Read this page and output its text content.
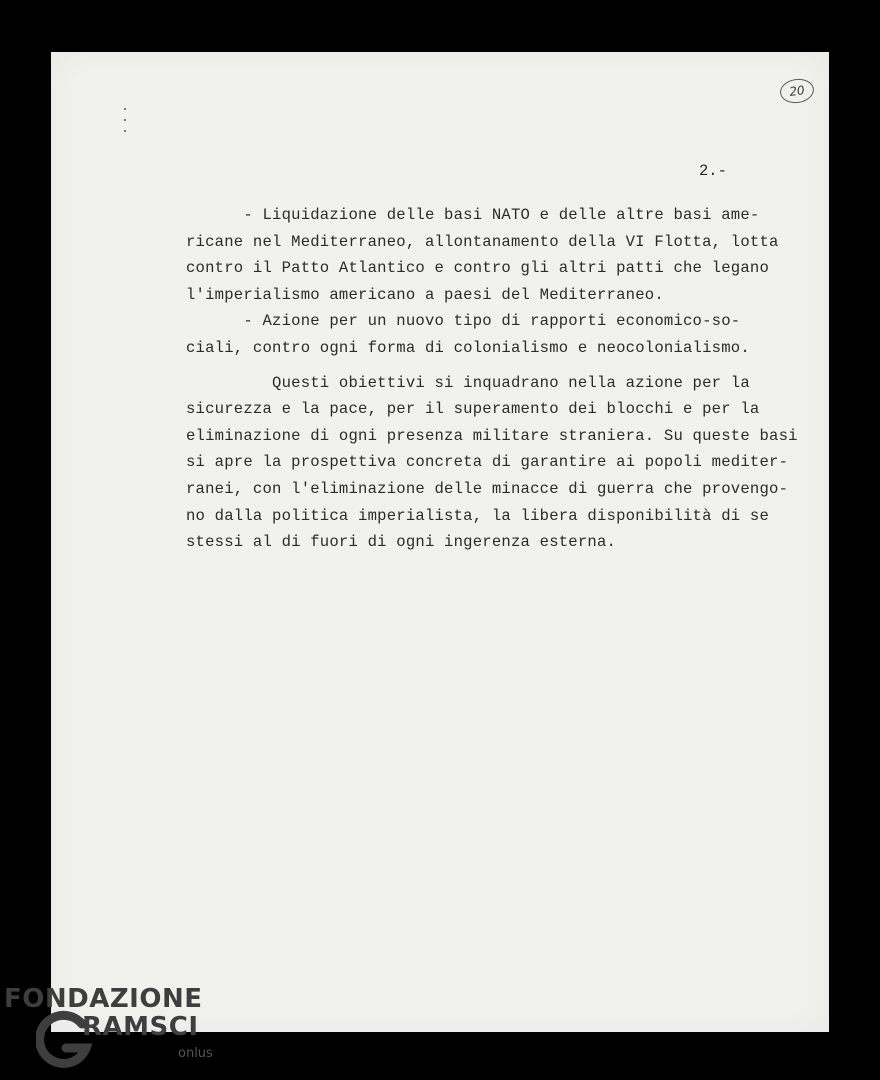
20
2.-
- Liquidazione delle basi NATO e delle altre basi ame-
ricane nel Mediterraneo, allontanamento della VI Flotta, lotta
contro il Patto Atlantico e contro gli altri patti che legano
l'imperialismo americano a paesi del Mediterraneo.
- Azione per un nuovo tipo di rapporti economico-so-
ciali, contro ogni forma di colonialismo e neocolonialismo.
Questi obiettivi si inquadrano nella azione per la
sicurezza e la pace, per il superamento dei blocchi e per la
eliminazione di ogni presenza militare straniera. Su queste basi
si apre la prospettiva concreta di garantire ai popoli mediter-
ranei, con l'eliminazione delle minacce di guerra che provengo-
no dalla politica imperialista, la libera disponibilità di se
stessi al di fuori di ogni ingerenza esterna.
FONDAZIONE
RAMSCI
onlus
